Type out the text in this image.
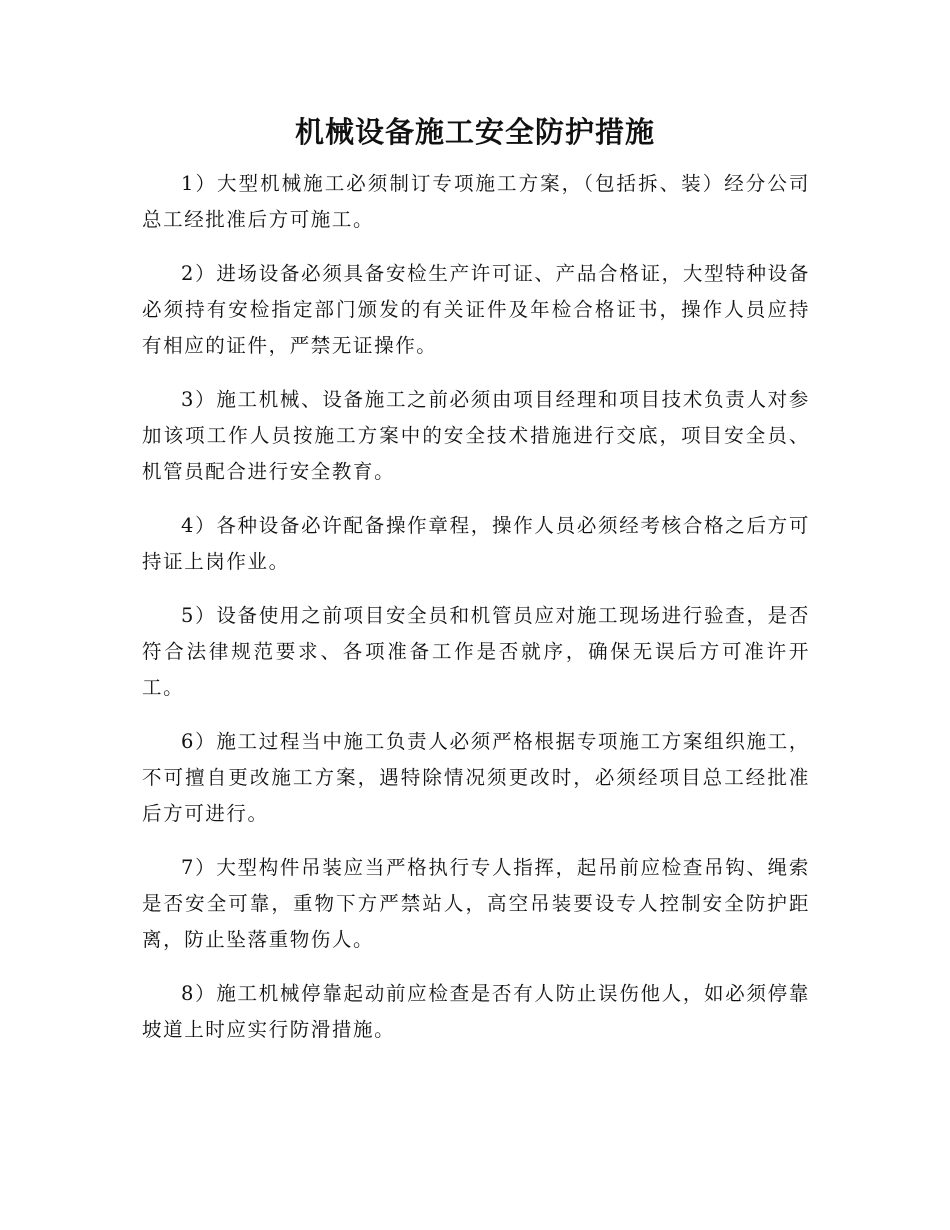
机械设备施工安全防护措施

1）大型机械施工必须制订专项施工方案，（包括拆、装）经分公司总工经批准后方可施工。

2）进场设备必须具备安检生产许可证、产品合格证，大型特种设备必须持有安检指定部门颁发的有关证件及年检合格证书，操作人员应持有相应的证件，严禁无证操作。

3）施工机械、设备施工之前必须由项目经理和项目技术负责人对参加该项工作人员按施工方案中的安全技术措施进行交底，项目安全员、机管员配合进行安全教育。

4）各种设备必许配备操作章程，操作人员必须经考核合格之后方可持证上岗作业。

5）设备使用之前项目安全员和机管员应对施工现场进行验查，是否符合法律规范要求、各项准备工作是否就序，确保无误后方可准许开工。

6）施工过程当中施工负责人必须严格根据专项施工方案组织施工，不可擅自更改施工方案，遇特除情况须更改时，必须经项目总工经批准后方可进行。

7）大型构件吊装应当严格执行专人指挥，起吊前应检查吊钩、绳索是否安全可靠，重物下方严禁站人，高空吊装要设专人控制安全防护距离，防止坠落重物伤人。

8）施工机械停靠起动前应检查是否有人防止误伤他人，如必须停靠坡道上时应实行防滑措施。
